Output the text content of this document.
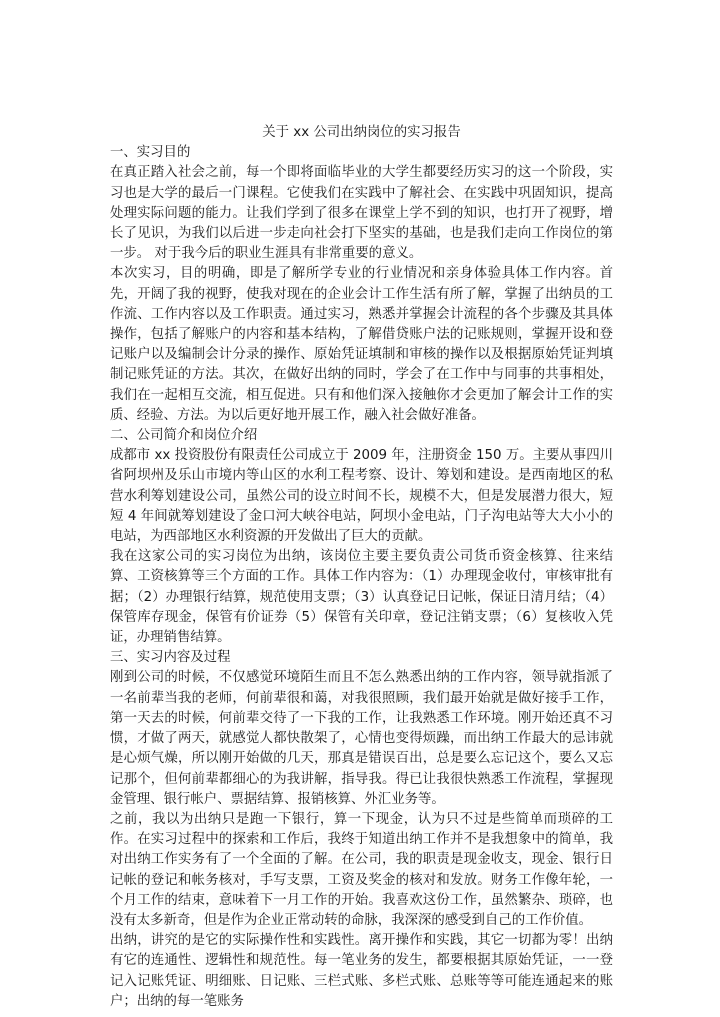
关于 xx 公司出纳岗位的实习报告

一、实习目的

在真正踏入社会之前，每一个即将面临毕业的大学生都要经历实习的这一个阶段，实习也是大学的最后一门课程。它使我们在实践中了解社会、在实践中巩固知识，提高处理实际问题的能力。让我们学到了很多在课堂上学不到的知识，也打开了视野，增长了见识，为我们以后进一步走向社会打下坚实的基础，也是我们走向工作岗位的第一步。 对于我今后的职业生涯具有非常重要的意义。

本次实习，目的明确，即是了解所学专业的行业情况和亲身体验具体工作内容。首先，开阔了我的视野，使我对现在的企业会计工作生活有所了解，掌握了出纳员的工作流、工作内容以及工作职责。通过实习，熟悉并掌握会计流程的各个步骤及其具体操作，包括了解账户的内容和基本结构，了解借贷账户法的记账规则，掌握开设和登记账户以及编制会计分录的操作、原始凭证填制和审核的操作以及根据原始凭证判填制记账凭证的方法。其次，在做好出纳的同时，学会了在工作中与同事的共事相处，我们在一起相互交流，相互促进。只有和他们深入接触你才会更加了解会计工作的实质、经验、方法。为以后更好地开展工作，融入社会做好准备。

二、公司简介和岗位介绍

成都市 xx 投资股份有限责任公司成立于 2009 年，注册资金 150 万。主要从事四川省阿坝州及乐山市境内等山区的水利工程考察、设计、筹划和建设。是西南地区的私营水利筹划建设公司，虽然公司的设立时间不长，规模不大，但是发展潜力很大，短短 4 年间就筹划建设了金口河大峡谷电站，阿坝小金电站，门子沟电站等大大小小的电站，为西部地区水利资源的开发做出了巨大的贡献。

我在这家公司的实习岗位为出纳，该岗位主要主要负责公司货币资金核算、往来结算、工资核算等三个方面的工作。具体工作内容为：（1）办理现金收付，审核审批有据；（2）办理银行结算，规范使用支票；（3）认真登记日记帐，保证日清月结；（4）保管库存现金，保管有价证券（5）保管有关印章，登记注销支票；（6）复核收入凭证，办理销售结算。

三、实习内容及过程

刚到公司的时候，不仅感觉环境陌生而且不怎么熟悉出纳的工作内容，领导就指派了一名前辈当我的老师，何前辈很和蔼，对我很照顾，我们最开始就是做好接手工作，第一天去的时候，何前辈交待了一下我的工作，让我熟悉工作环境。刚开始还真不习惯，才做了两天，就感觉人都快散架了，心情也变得烦躁，而出纳工作最大的忌讳就是心烦气燥，所以刚开始做的几天，那真是错误百出，总是要么忘记这个，要么又忘记那个，但何前辈都细心的为我讲解，指导我。得已让我很快熟悉工作流程，掌握现金管理、银行帐户、票据结算、报销核算、外汇业务等。

之前，我以为出纳只是跑一下银行，算一下现金，认为只不过是些简单而琐碎的工作。在实习过程中的探索和工作后，我终于知道出纳工作并不是我想象中的简单，我对出纳工作实务有了一个全面的了解。在公司，我的职责是现金收支，现金、银行日记帐的登记和帐务核对，手写支票，工资及奖金的核对和发放。财务工作像年轮，一个月工作的结束，意味着下一月工作的开始。我喜欢这份工作，虽然繁杂、琐碎，也没有太多新奇，但是作为企业正常动转的命脉，我深深的感受到自己的工作价值。

出纳，讲究的是它的实际操作性和实践性。离开操作和实践，其它一切都为零！出纳有它的连通性、逻辑性和规范性。每一笔业务的发生，都要根据其原始凭证，一一登记入记账凭证、明细账、日记账、三栏式账、多栏式账、总账等等可能连通起来的账户；出纳的每一笔账务
